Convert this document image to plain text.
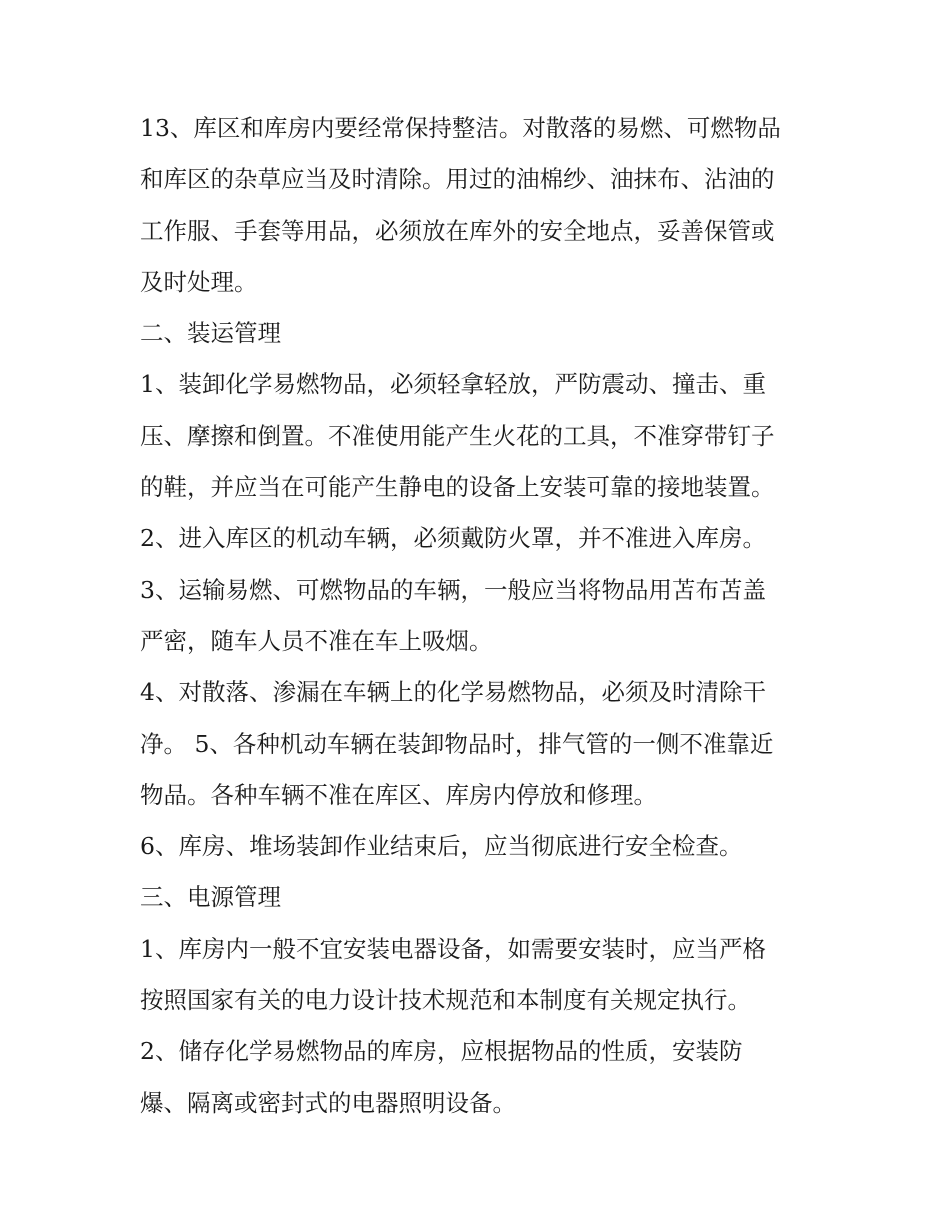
13、库区和库房内要经常保持整洁。对散落的易燃、可燃物品
和库区的杂草应当及时清除。用过的油棉纱、油抹布、沾油的
工作服、手套等用品，必须放在库外的安全地点，妥善保管或
及时处理。
二、装运管理
1、装卸化学易燃物品，必须轻拿轻放，严防震动、撞击、重
压、摩擦和倒置。不准使用能产生火花的工具，不准穿带钉子
的鞋，并应当在可能产生静电的设备上安装可靠的接地装置。
2、进入库区的机动车辆，必须戴防火罩，并不准进入库房。
3、运输易燃、可燃物品的车辆，一般应当将物品用苫布苫盖
严密，随车人员不准在车上吸烟。
4、对散落、渗漏在车辆上的化学易燃物品，必须及时清除干
净。 5、各种机动车辆在装卸物品时，排气管的一侧不准靠近
物品。各种车辆不准在库区、库房内停放和修理。
6、库房、堆场装卸作业结束后，应当彻底进行安全检查。
三、电源管理
1、库房内一般不宜安装电器设备，如需要安装时，应当严格
按照国家有关的电力设计技术规范和本制度有关规定执行。
2、储存化学易燃物品的库房，应根据物品的性质，安装防
爆、隔离或密封式的电器照明设备。
